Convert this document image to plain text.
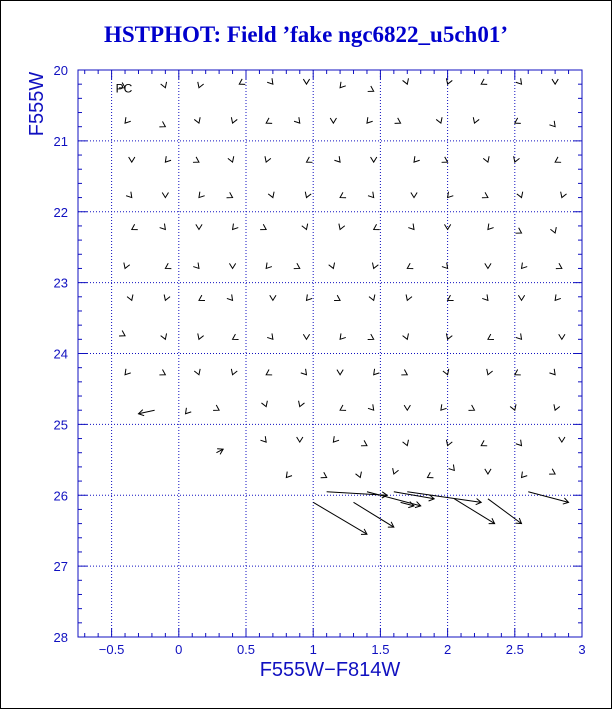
HSTPHOT: Field ’fake ngc6822_u5ch01’
−0.5	0	0.5	1	1.5	2	2.5	3
20
21
22
23
24
25
26
27
28
F555W−F814W
F555W	PC
